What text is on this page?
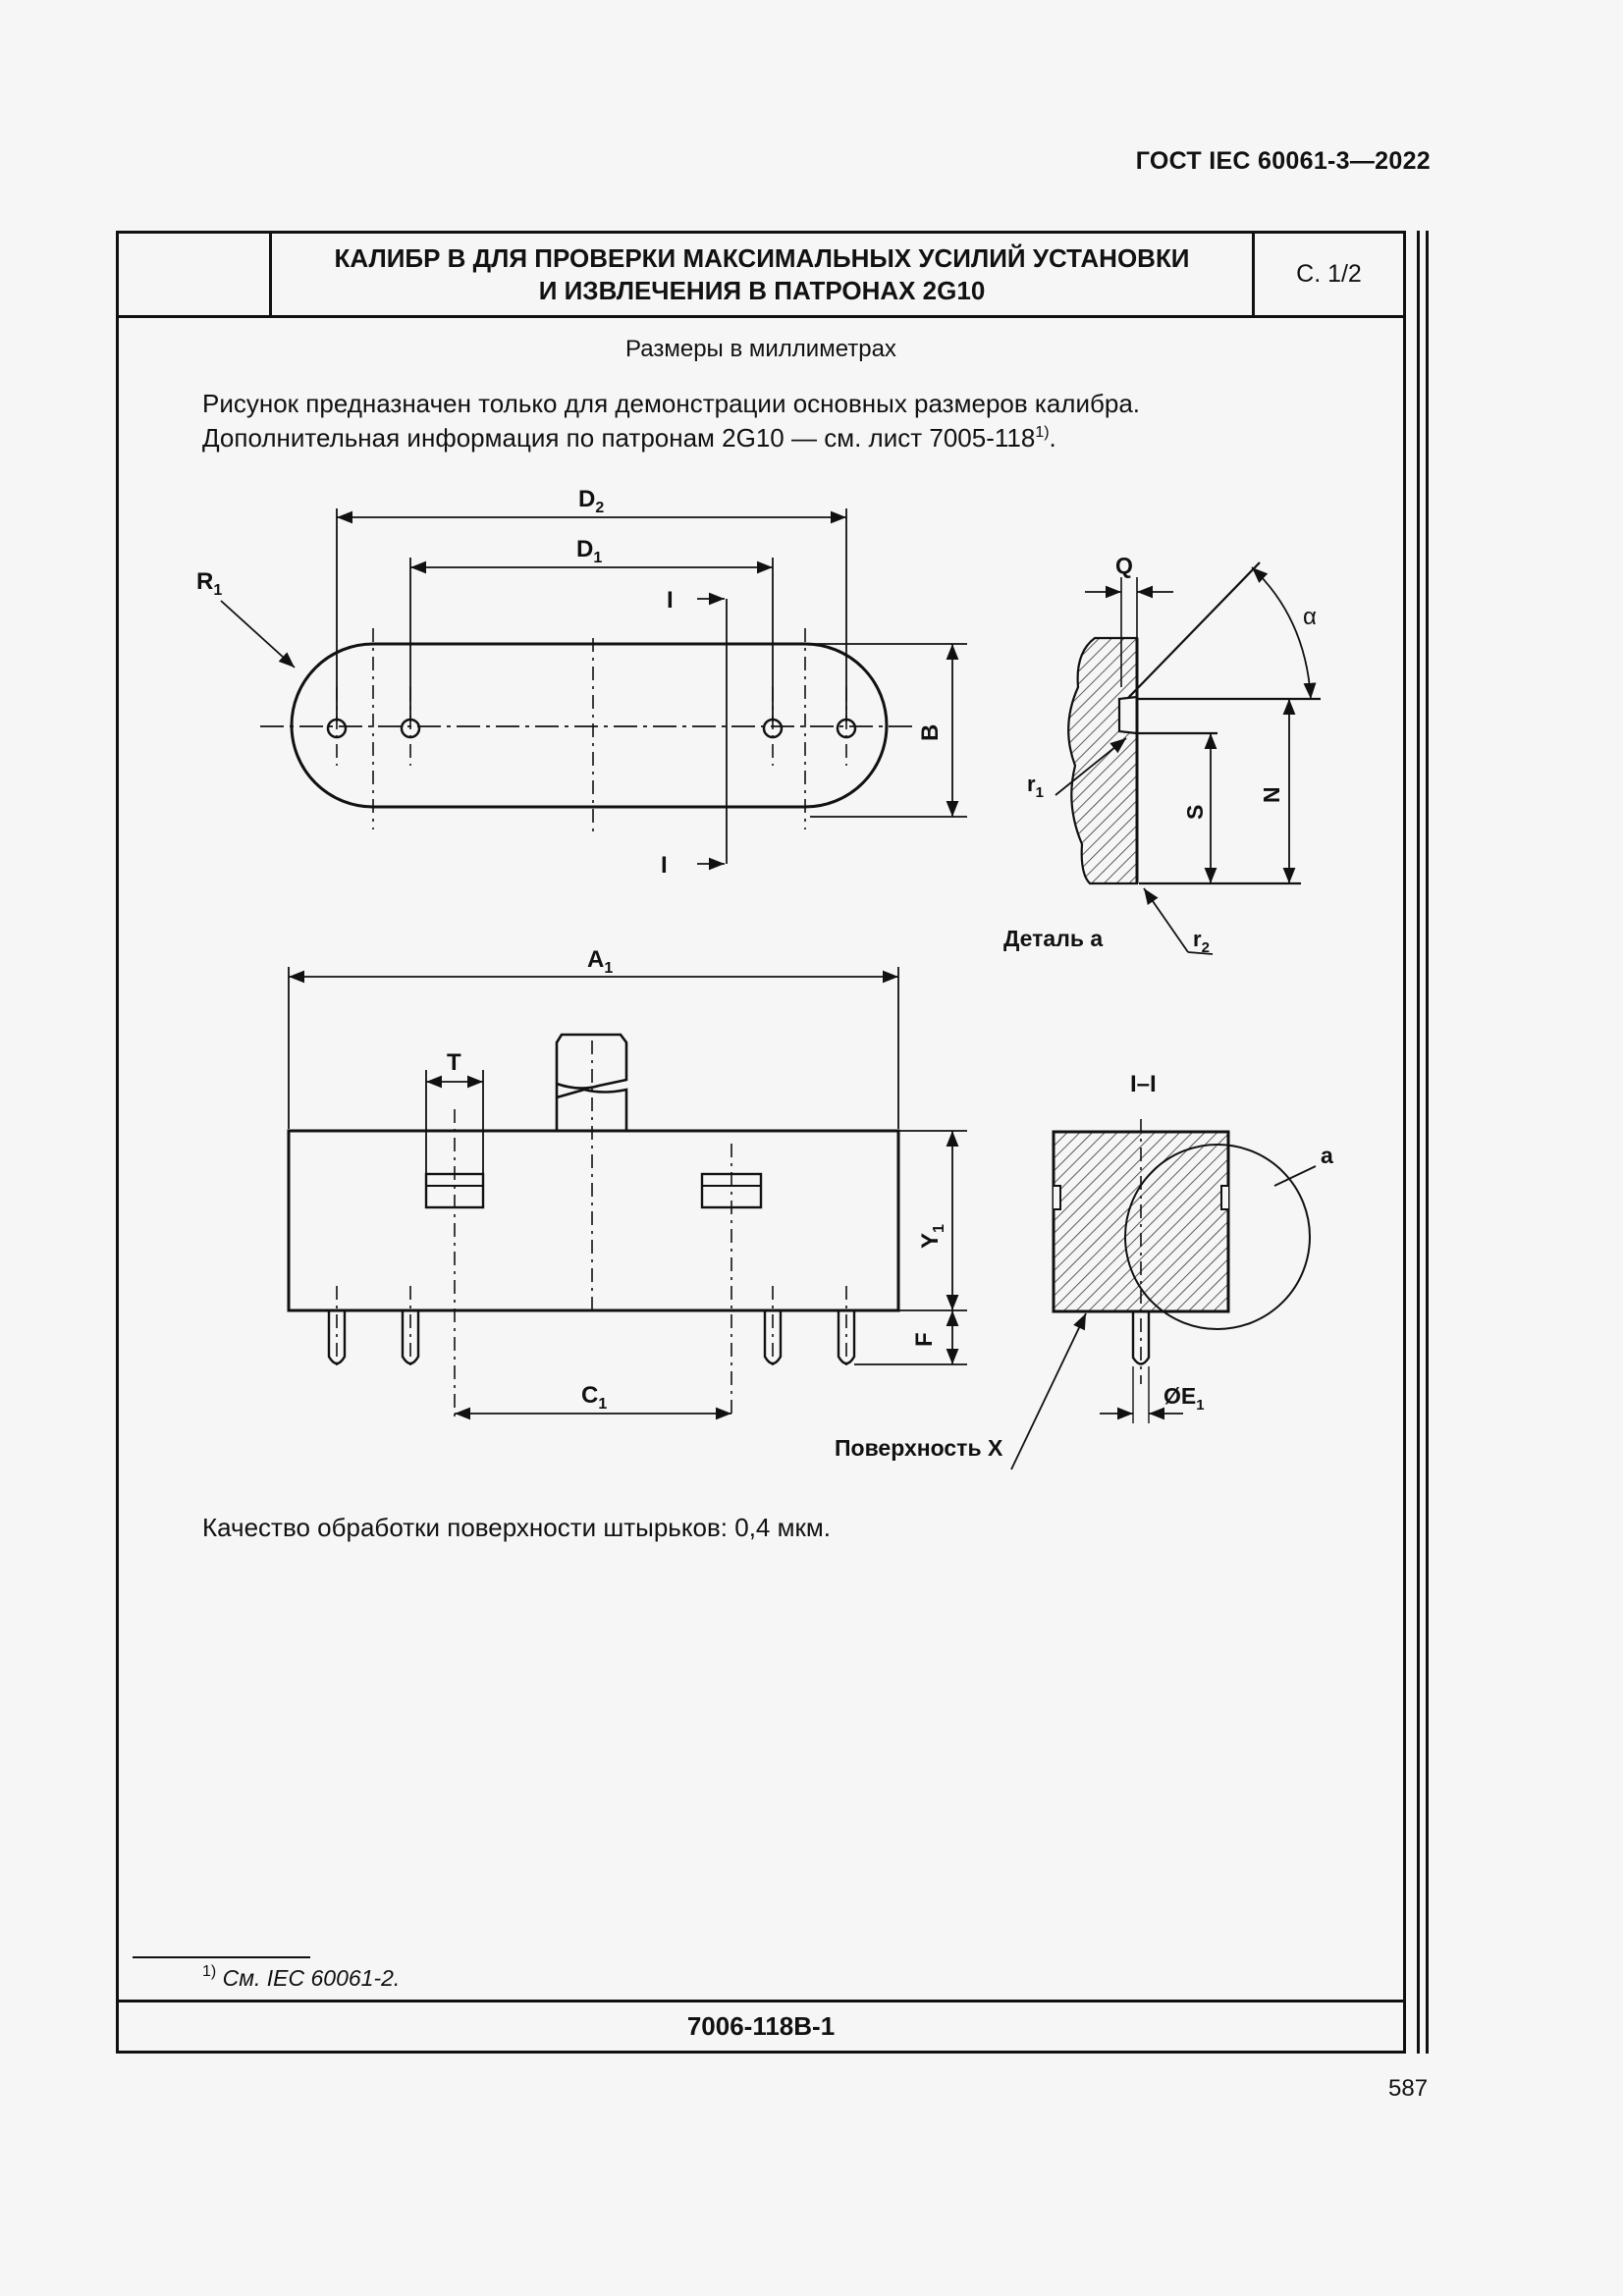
ГОСТ IEC 60061-3—2022
КАЛИБР В ДЛЯ ПРОВЕРКИ МАКСИМАЛЬНЫХ УСИЛИЙ УСТАНОВКИ
И ИЗВЛЕЧЕНИЯ В ПАТРОНАХ 2G10
С. 1/2
Размеры в миллиметрах
Рисунок предназначен только для демонстрации основных размеров калибра.
Дополнительная информация по патронам 2G10 — см. лист 7005-118$^{1)}$.
Качество обработки поверхности штырьков: 0,4 мкм.
$^{1)}$ См. IEC 60061-2.
7006-118B-1
587
$D_2$
$D_1$
$R_1$	I
I
B
Q
α
$r_1$
S
N
$r_2$
Деталь a
$A_1$
T
$Y_1$
F
$C_1$
I–I
a
$ØE_1$
Поверхность X
